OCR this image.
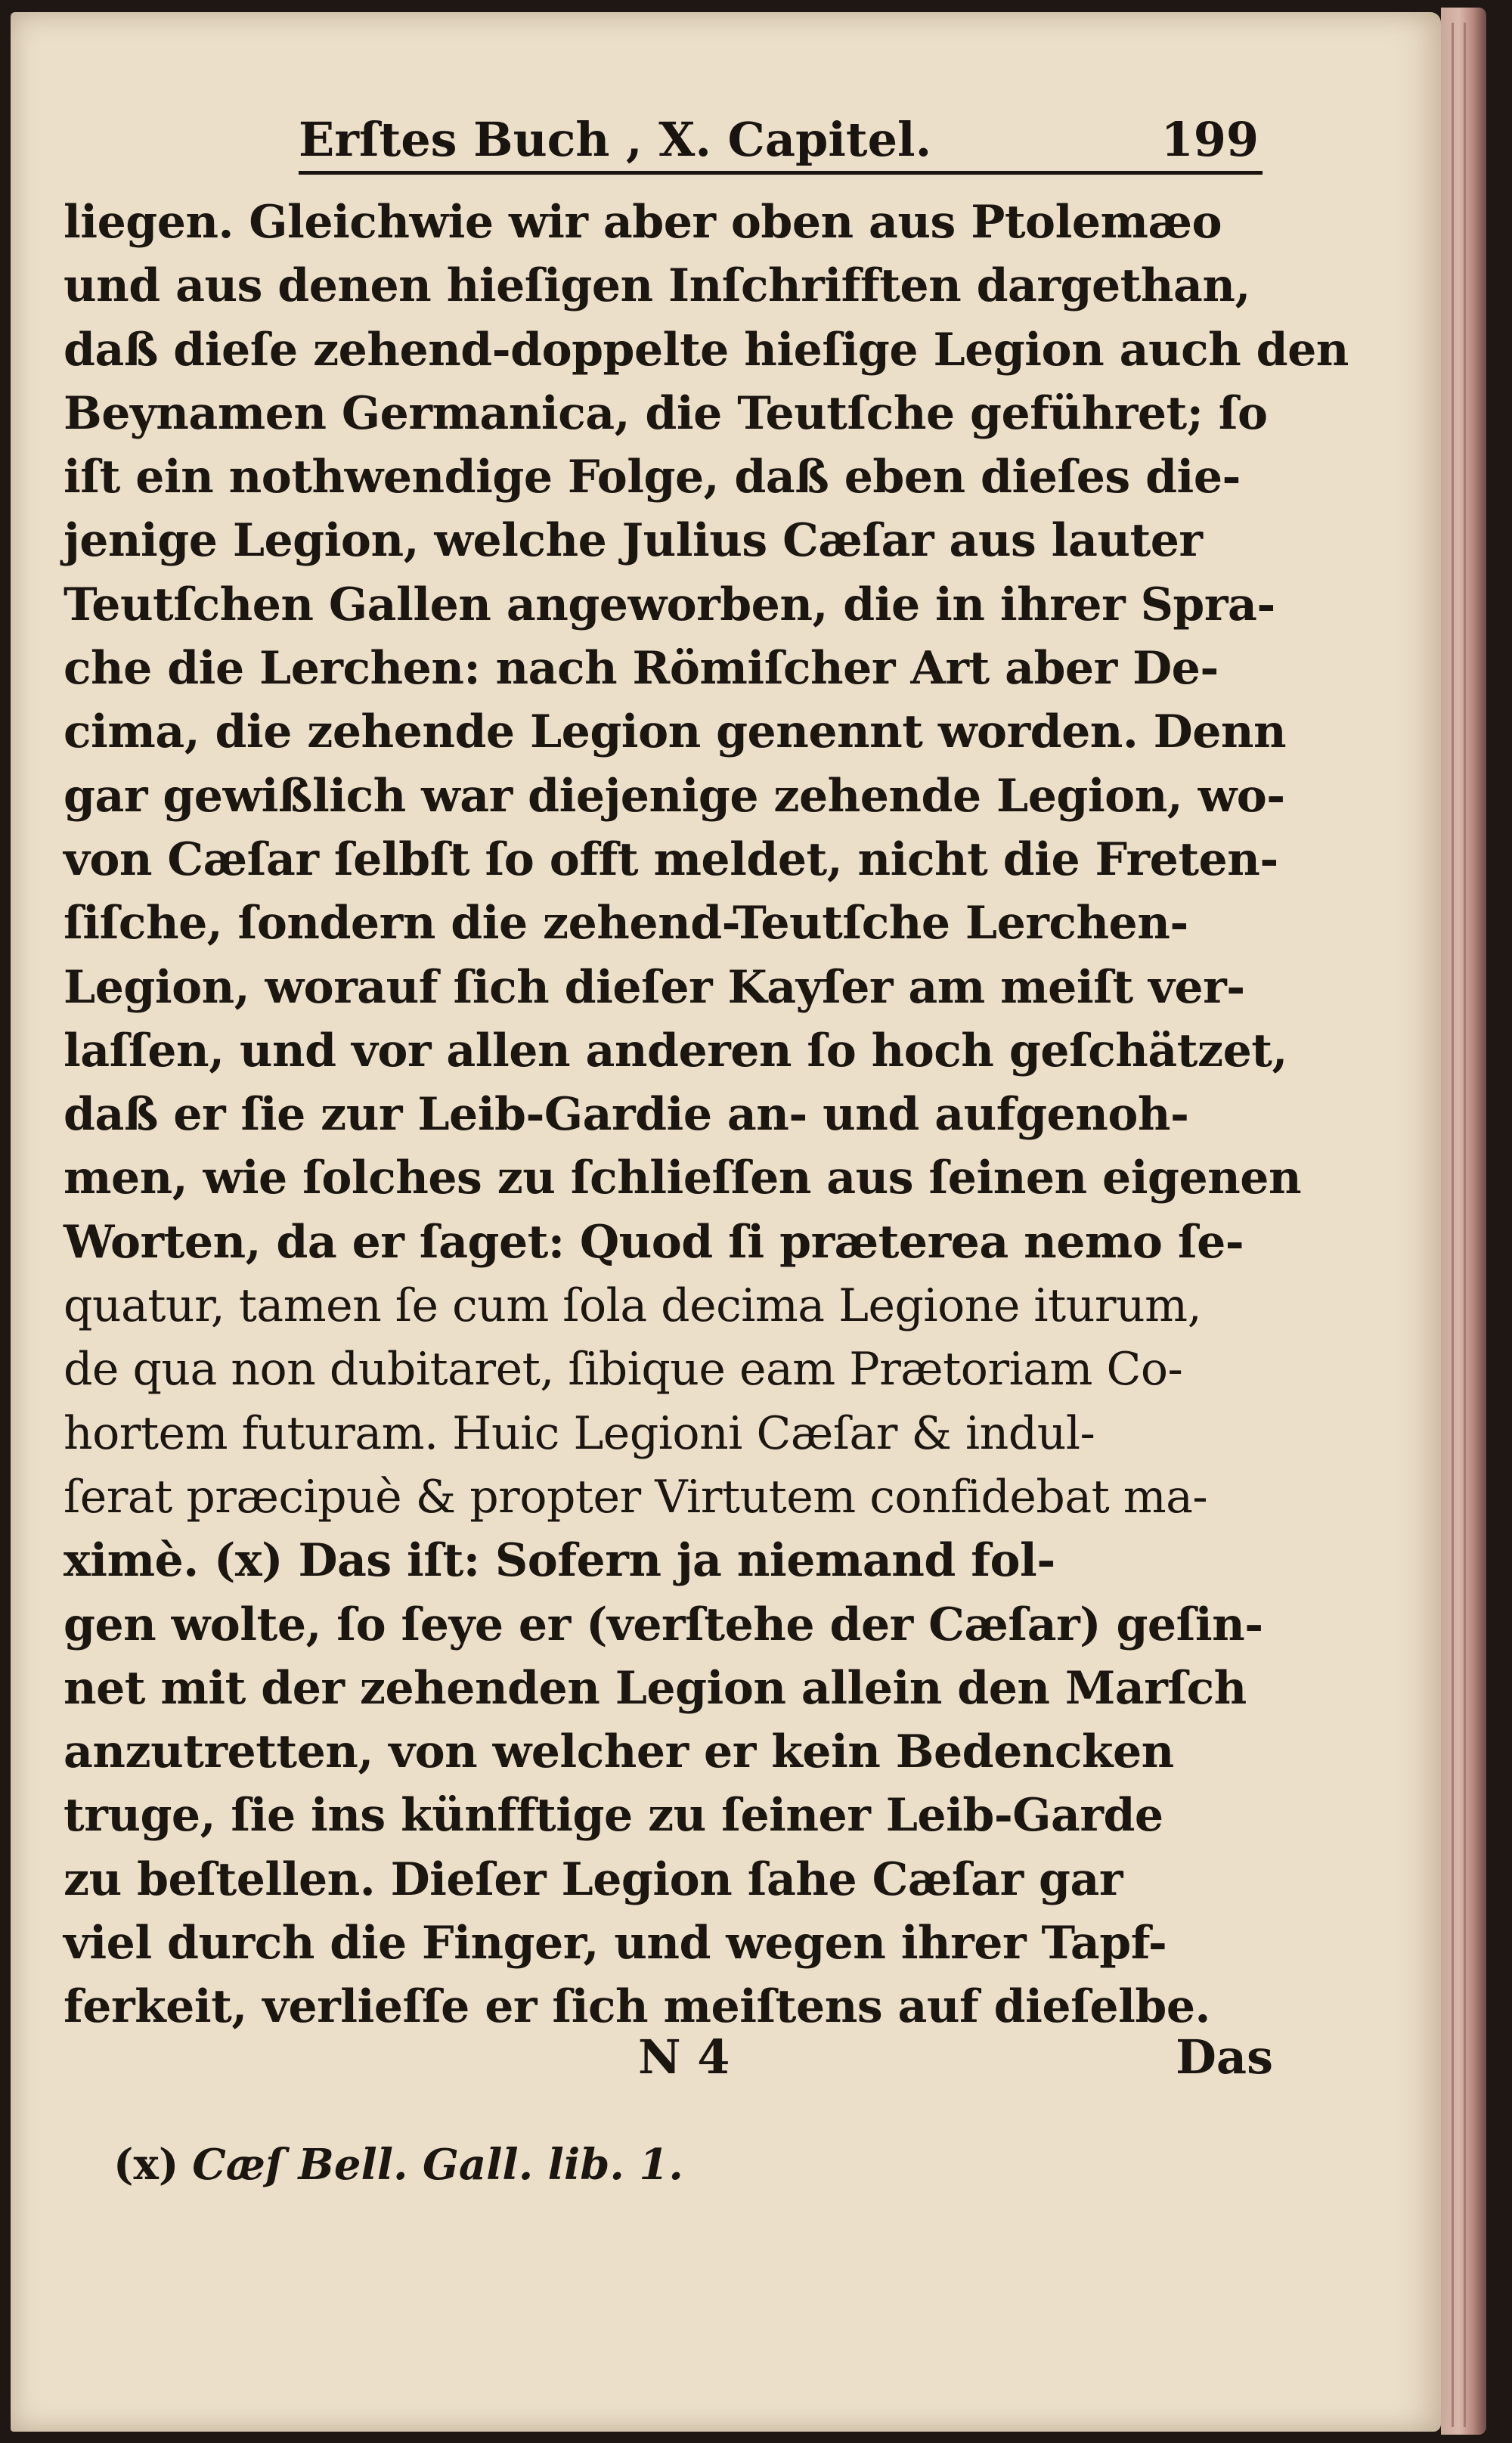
Erſtes Buch , X. Capitel.	199
liegen. Gleichwie wir aber oben aus Ptolemæo
und aus denen hieſigen Inſchrifften dargethan,
daß dieſe zehend-doppelte hieſige Legion auch den
Beynamen Germanica, die Teutſche geführet; ſo
iſt ein nothwendige Folge, daß eben dieſes die-
jenige Legion, welche Julius Cæſar aus lauter
Teutſchen Gallen angeworben, die in ihrer Spra-
che die Lerchen: nach Römiſcher Art aber De-
cima, die zehende Legion genennt worden. Denn
gar gewißlich war diejenige zehende Legion, wo-
von Cæſar ſelbſt ſo offt meldet, nicht die Freten-
ſiſche, ſondern die zehend-Teutſche Lerchen-
Legion, worauf ſich dieſer Kayſer am meiſt ver-
laſſen, und vor allen anderen ſo hoch geſchätzet,
daß er ſie zur Leib-Gardie an- und aufgenoh-
men, wie ſolches zu ſchlieſſen aus ſeinen eigenen
Worten, da er ſaget: Quod ſi præterea nemo ſe-
quatur, tamen ſe cum ſola decima Legione iturum,
de qua non dubitaret, ſibique eam Prætoriam Co-
hortem futuram. Huic Legioni Cæſar & indul-
ſerat præcipuè & propter Virtutem confidebat ma-
ximè. (x) Das iſt: Sofern ja niemand fol-
gen wolte, ſo ſeye er (verſtehe der Cæſar) geſin-
net mit der zehenden Legion allein den Marſch
anzutretten, von welcher er kein Bedencken
truge, ſie ins künfftige zu ſeiner Leib-Garde
zu beſtellen. Dieſer Legion ſahe Cæſar gar
viel durch die Finger, und wegen ihrer Tapf-
ferkeit, verlieſſe er ſich meiſtens auf dieſelbe.
N 4	Das
(x) Cæſ Bell. Gall. lib. 1.
